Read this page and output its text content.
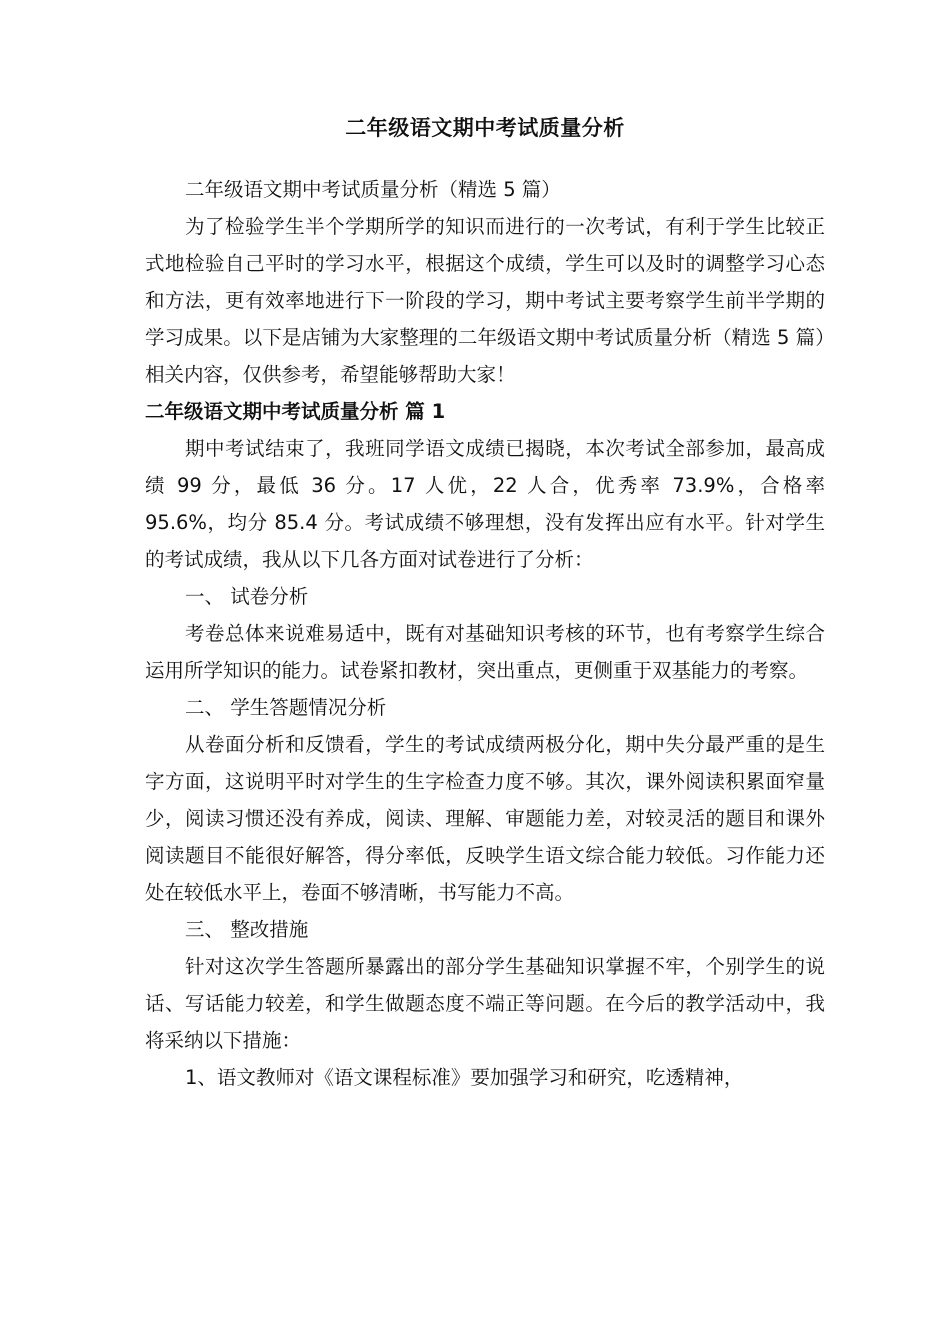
二年级语文期中考试质量分析

二年级语文期中考试质量分析（精选 5 篇）

为了检验学生半个学期所学的知识而进行的一次考试，有利于学生比较正式地检验自己平时的学习水平，根据这个成绩，学生可以及时的调整学习心态和方法，更有效率地进行下一阶段的学习，期中考试主要考察学生前半学期的学习成果。以下是店铺为大家整理的二年级语文期中考试质量分析（精选 5 篇）相关内容，仅供参考，希望能够帮助大家！

二年级语文期中考试质量分析 篇 1

期中考试结束了，我班同学语文成绩已揭晓，本次考试全部参加，最高成绩 99 分，最低 36 分。17 人优，22 人合，优秀率 73.9%，合格率 95.6%，均分 85.4 分。考试成绩不够理想，没有发挥出应有水平。针对学生的考试成绩，我从以下几各方面对试卷进行了分析：

一、 试卷分析

考卷总体来说难易适中，既有对基础知识考核的环节，也有考察学生综合运用所学知识的能力。试卷紧扣教材，突出重点，更侧重于双基能力的考察。

二、 学生答题情况分析

从卷面分析和反馈看，学生的考试成绩两极分化，期中失分最严重的是生字方面，这说明平时对学生的生字检查力度不够。其次，课外阅读积累面窄量少，阅读习惯还没有养成，阅读、理解、审题能力差，对较灵活的题目和课外阅读题目不能很好解答，得分率低，反映学生语文综合能力较低。习作能力还处在较低水平上，卷面不够清晰，书写能力不高。

三、 整改措施

针对这次学生答题所暴露出的部分学生基础知识掌握不牢，个别学生的说话、写话能力较差，和学生做题态度不端正等问题。在今后的教学活动中，我将采纳以下措施：

1、语文教师对《语文课程标准》要加强学习和研究，吃透精神，
